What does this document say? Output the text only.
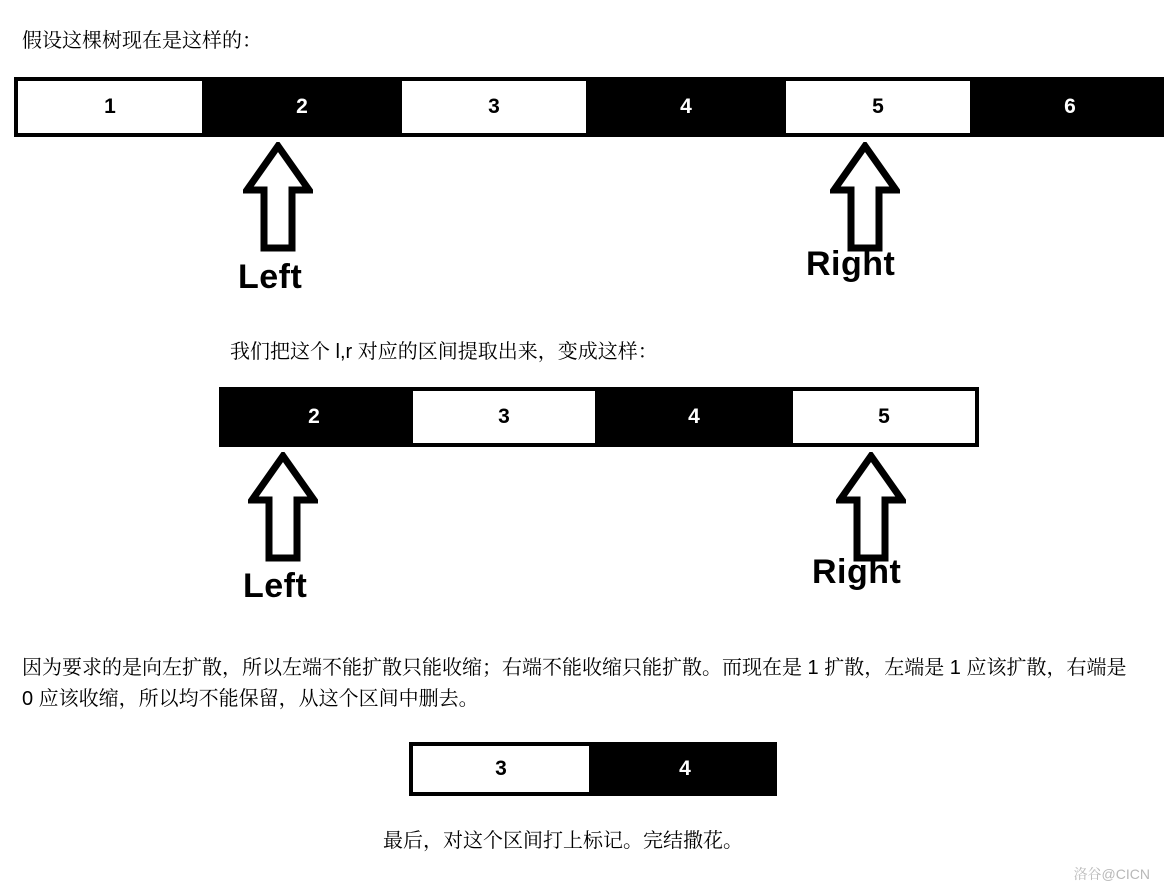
假设这棵树现在是这样的：
1	2	3	4	5	6
Left	Right
我们把这个 l,r 对应的区间提取出来，变成这样：
2	3	4	5
Left	Right
因为要求的是向左扩散，所以左端不能扩散只能收缩；右端不能收缩只能扩散。而现在是 1 扩散，左端是 1 应该扩散，右端是 0 应该收缩，所以均不能保留，从这个区间中删去。
3	4
最后，对这个区间打上标记。完结撒花。
洛谷@CICN
